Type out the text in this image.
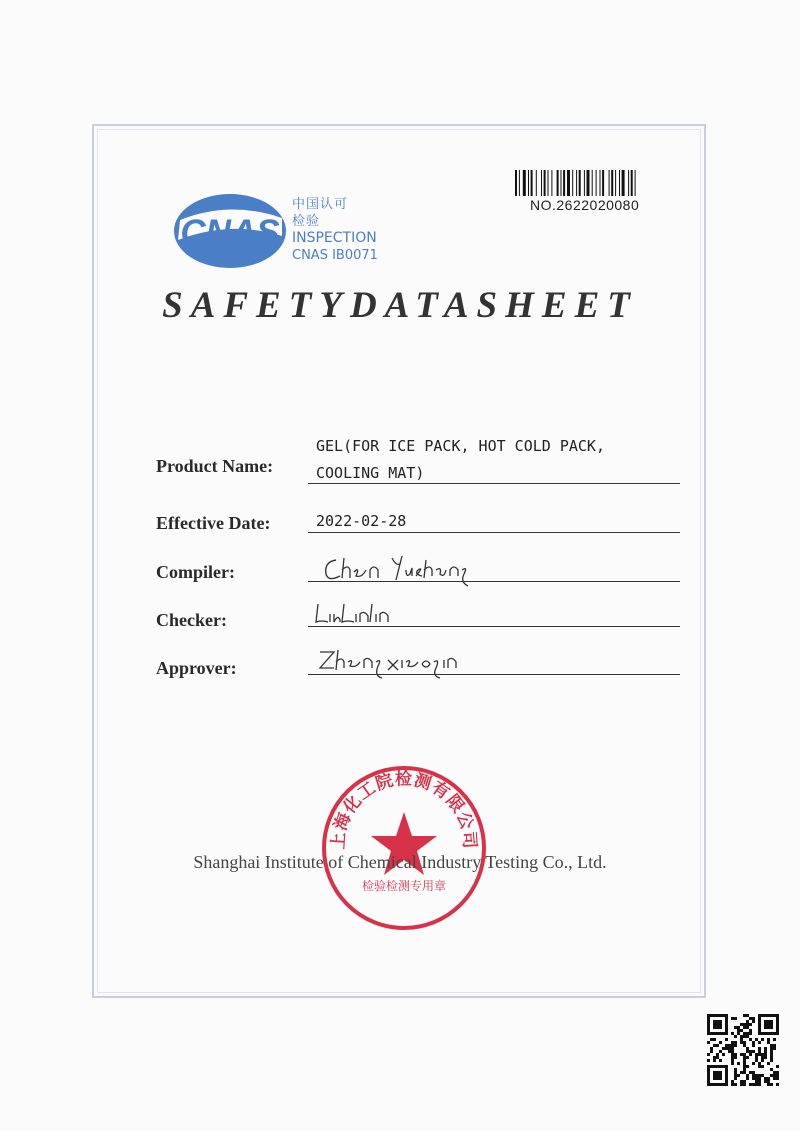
CNAS
中国认可
检验
INSPECTION
CNAS IB0071
NO.2622020080
SAFETYDATASHEET
Product Name:
GEL(FOR ICE PACK, HOT COLD PACK,
COOLING MAT)
Effective Date:	2022-02-28
Compiler:
Checker:
Approver:
上海化工院检测有限公司
检验检测专用章
Shanghai Institute of Chemical Industry Testing Co., Ltd.
